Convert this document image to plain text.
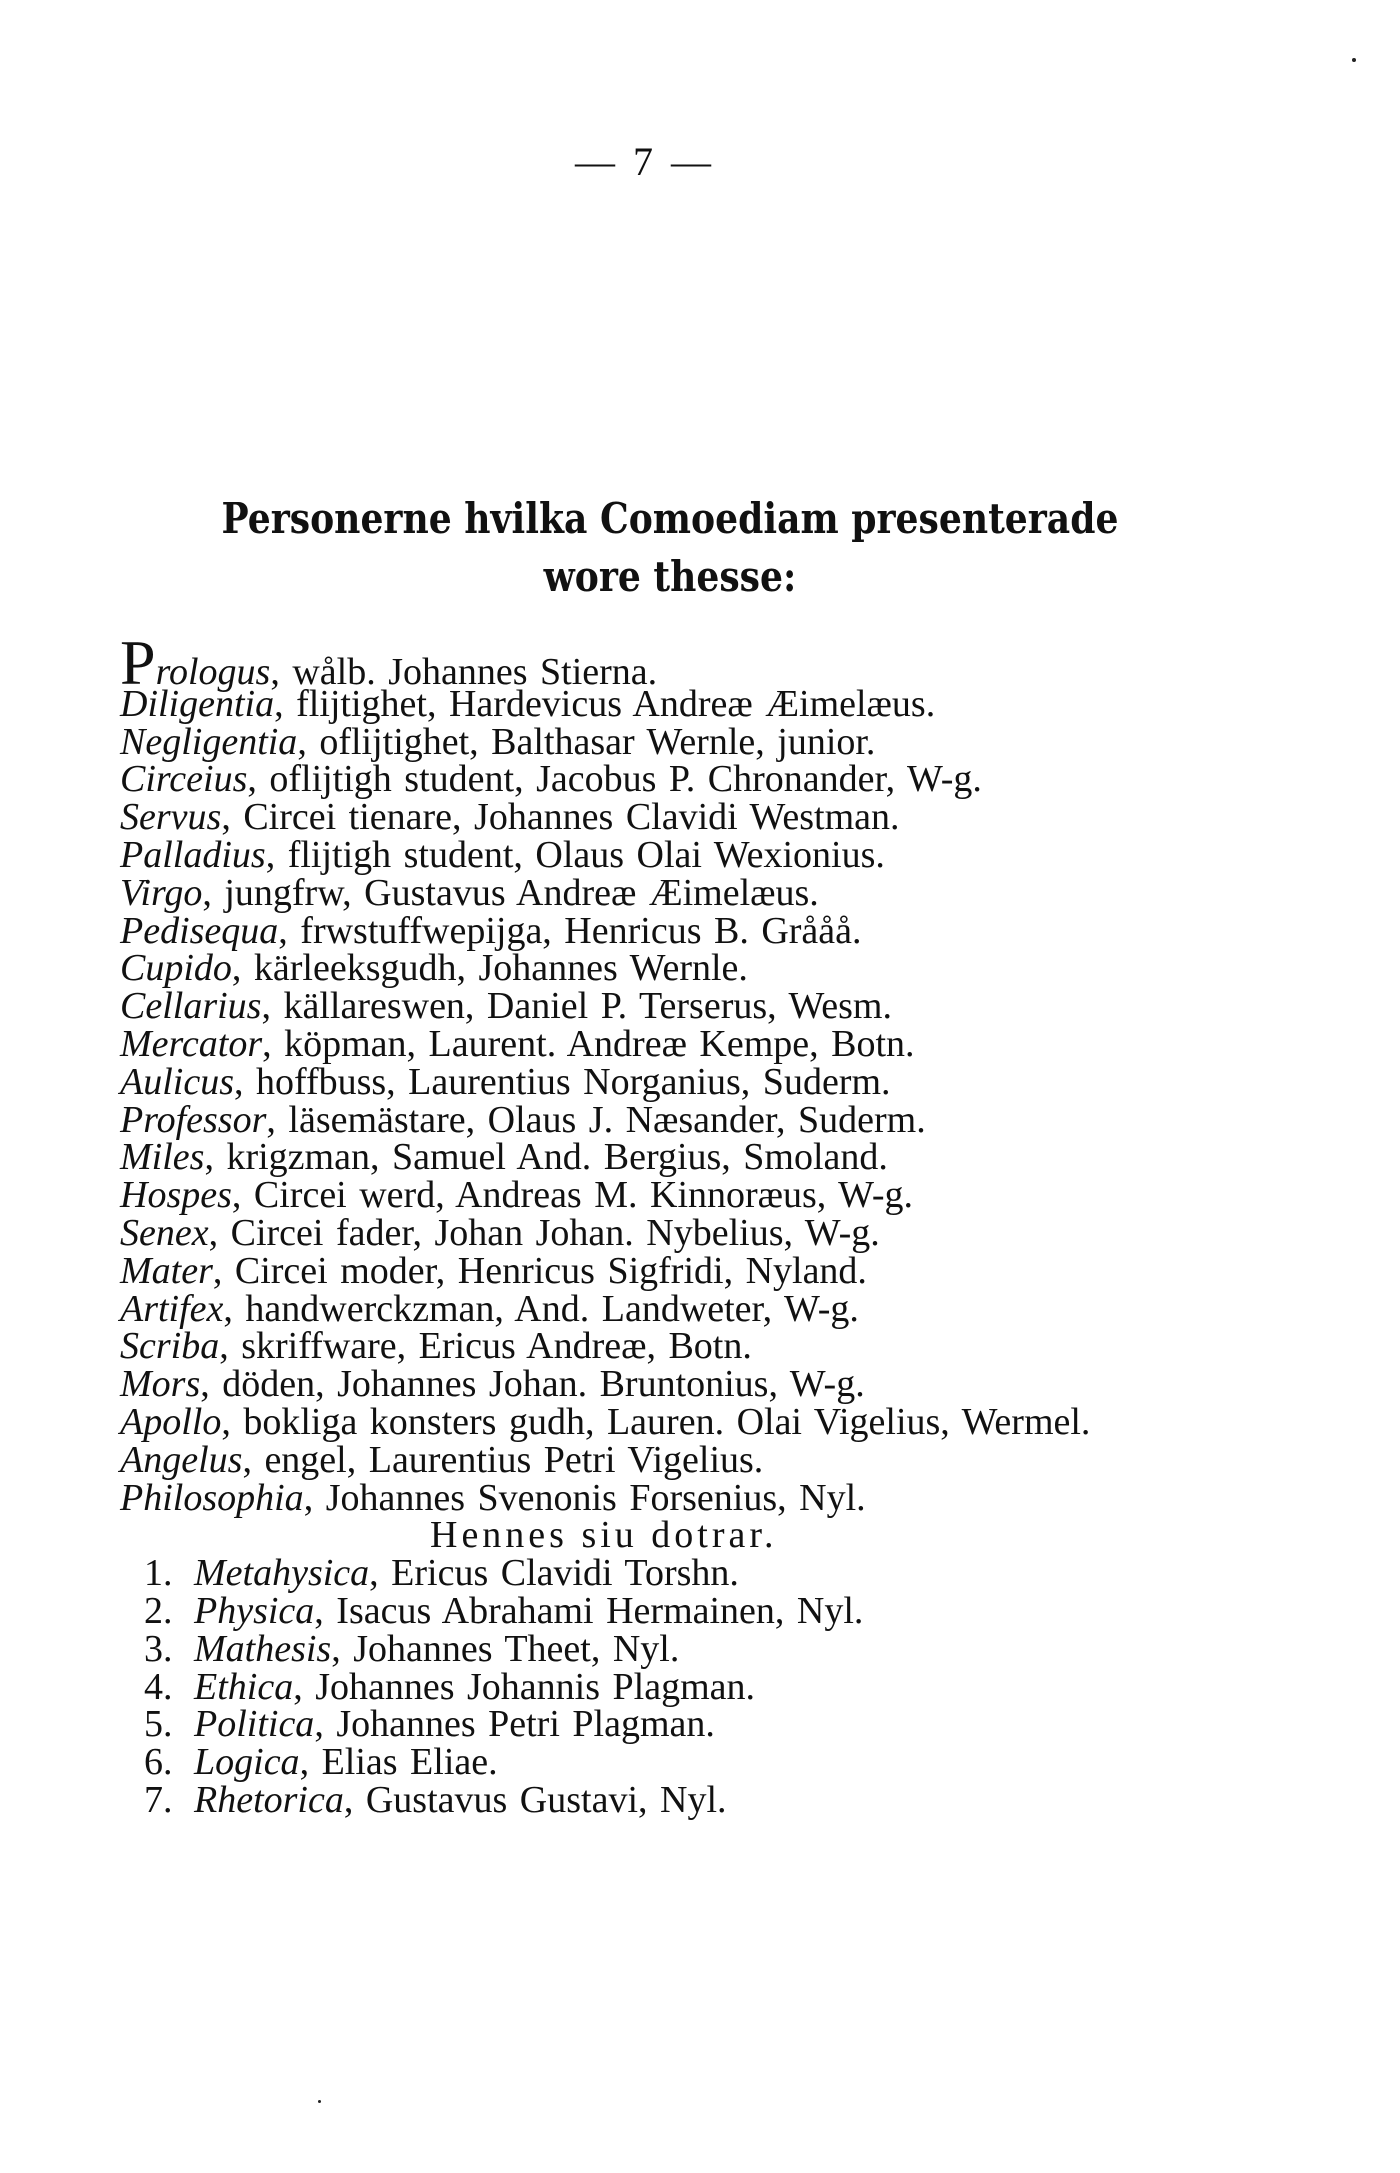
— 7 —
Personerne hvilka Comoediam presenterade
wore thesse:
Prologus, wålb. Johannes Stierna.
Diligentia, flijtighet, Hardevicus Andreæ Æimelæus.
Negligentia, oflijtighet, Balthasar Wernle, junior.
Circeius, oflijtigh student, Jacobus P. Chronander, W-g.
Servus, Circei tienare, Johannes Clavidi Westman.
Palladius, flijtigh student, Olaus Olai Wexionius.
Virgo, jungfrw, Gustavus Andreæ Æimelæus.
Pedisequa, frwstuffwepijga, Henricus B. Grååå.
Cupido, kärleeksgudh, Johannes Wernle.
Cellarius, källareswen, Daniel P. Terserus, Wesm.
Mercator, köpman, Laurent. Andreæ Kempe, Botn.
Aulicus, hoffbuss, Laurentius Norganius, Suderm.
Professor, läsemästare, Olaus J. Næsander, Suderm.
Miles, krigzman, Samuel And. Bergius, Smoland.
Hospes, Circei werd, Andreas M. Kinnoræus, W-g.
Senex, Circei fader, Johan Johan. Nybelius, W-g.
Mater, Circei moder, Henricus Sigfridi, Nyland.
Artifex, handwerckzman, And. Landweter, W-g.
Scriba, skriffware, Ericus Andreæ, Botn.
Mors, döden, Johannes Johan. Bruntonius, W-g.
Apollo, bokliga konsters gudh, Lauren. Olai Vigelius, Wermel.
Angelus, engel, Laurentius Petri Vigelius.
Philosophia, Johannes Svenonis Forsenius, Nyl.
Hennes siu dotrar.
1. Metahysica, Ericus Clavidi Torshn.
2. Physica, Isacus Abrahami Hermainen, Nyl.
3. Mathesis, Johannes Theet, Nyl.
4. Ethica, Johannes Johannis Plagman.
5. Politica, Johannes Petri Plagman.
6. Logica, Elias Eliae.
7. Rhetorica, Gustavus Gustavi, Nyl.
